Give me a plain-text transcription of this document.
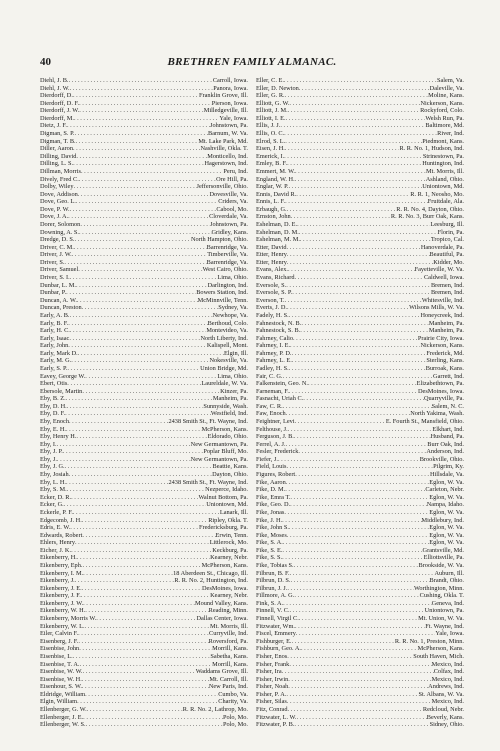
40	BRETHREN FAMILY ALMANAC.
Diehl, J. B. . . .	Carroll, Iowa.
Diehl, J. W. . . .	Panora, Iowa.
Dierdorff, D. . . .	Franklin Grove, Ill.
Dierdorff, D. F. . . .	Pierson, Iowa.
Dierdorff, J. W. . . .	Milledgeville, Ill.
Dierdorff, M. . . .	Yale, Iowa.
Dietz, J. F. . . .	Johnstown, Pa.
Digman, S. P. . . .	Barnum, W. Va.
Digman, T. B. . . .	Mt. Lake Park, Md.
Diller, Aaron . . .	Nashville, Okla. T.
Dilling, David . . .	Monticello, Ind.
Dilling, L. S. . . .	Hagerstown, Ind.
Dillman, Morris . . .	Peru, Ind.
Dively, Fred C. . . .	Ore Hill, Pa.
Dolby, Wiley . . .	Jeffersonville, Ohio.
Dove, Addison . . .	Dovesville, Va.
Dove, Geo. L. . . .	Criders, Va.
Dove, P. W. . . .	Cabool, Mo.
Dove, J. A. . . .	Cloverdale, Va.
Dorer, Solomon . . .	Johnstown, Pa.
Downing, A. S. . . .	Gridley, Kans.
Dredge, D. S. . . .	North Hampton, Ohio.
Driver, C. M. . . .	Barrenridge, Va.
Driver, J. W. . . .	Timberville, Va.
Driver, S. . . .	Barrenridge, Va.
Driver, Samuel . . .	West Cairo, Ohio.
Driver, S. I. . . .	Lima, Ohio.
Dunbar, L. M. . . .	Darlington, Ind.
Dunbar, P. . . .	Bowers Station, Ind.
Duncan, A. W. . . .	McMinnville, Tenn.
Duncan, Preston . . .	Sydney, Va.
Early, A. B. . . .	Newhope, Va.
Early, B. F. . . .	Berthoud, Colo.
Early, H. C. . . .	Montevideo, Va.
Early, Isaac . . .	North Liberty, Ind.
Early, John . . .	Kalispell, Mont.
Early, Mark D. . . .	Elgin, Ill.
Early, M. G. . . .	Nokesville, Va.
Early, S. P. . . .	Union Bridge, Md.
Eavey, George W. . . .	Lima, Ohio.
Ebert, Otis . . .	Laureldale, W. Va.
Ebersole, Martin . . .	Kinzer, Pa.
Eby, B. Z. . . .	Manheim, Pa.
Eby, D. H. . . .	Sunnyside, Wash.
Eby, D. F. . . .	Westfield, Ind.
Eby, Enoch . . .	2438 Smith St., Ft. Wayne, Ind.
Eby, E. H. . . .	McPherson, Kans.
Eby, Henry H. . . .	Eldorado, Ohio.
Eby, I. . . .	New Germantown, Pa.
Eby, J. P. . . .	Poplar Bluff, Mo.
Eby, J. . . .	New Germantown, Pa.
Eby, J. G. . . .	Beattie, Kans.
Eby, Josiah . . .	Dayton, Ohio.
Eby, L. H. . . .	2438 Smith St., Ft. Wayne, Ind.
Eby, S. M. . . .	Nezperce, Idaho.
Ecker, D. R. . . .	Walnut Bottom, Pa.
Ecker, G. . . .	Uniontown, Md.
Eckerle, P. F. . . .	Lanark, Ill.
Edgecomb, J. H. . . .	Ripley, Okla. T.
Edris, E. W. . . .	Fredericksburg, Pa.
Edwards, Robert . . .	Erwin, Tenn.
Ehlers, Henry . . .	Littlerock, Mo.
Eicher, J. K. . . .	Keckburg, Pa.
Eikenberry, H. . . .	Kearney, Nebr.
Eikenberry, Eph. . . .	McPherson, Kans.
Eikenberry, I. M. . . .	18 Aberdeen St., Chicago, Ill.
Eikenberry, J. . . .	R. R. No. 2, Huntington, Ind.
Eikenberry, J. E. . . .	DesMoines, Iowa.
Eikenberry, J. F. . . .	Kearney, Nebr.
Eikenberry, J. W. . . .	Mound Valley, Kans.
Eikenberry, W. H. . . .	Reading, Minn.
Eikenberry, Morris W. . . .	Dallas Center, Iowa.
Eikenberry, W. L. . . .	Mt. Morris, Ill.
Eiler, Calvin F. . . .	Curryville, Ind.
Eisenberg, J. F. . . .	Roversford, Pa.
Eisenbise, John . . .	Morrill, Kans.
Eisenbise, L. . . .	Sabetha, Kans.
Eisenbise, T. A. . . .	Morrill, Kans.
Eisenbise, W. W. . . .	Waddams Grove, Ill.
Eisenbise, W. H. . . .	Mt. Carroll, Ill.
Eisenhour, S. W. . . .	New Paris, Ind.
Eldridge, William . . .	Cumbo, Va.
Elgin, William . . .	Charity, Va.
Ellenberger, G. W. . . .	R. R. No. 2, Lathrop, Mo.
Ellenberger, J. E. . . .	Polo, Mo.
Ellenberger, W. S. . . .	Polo, Mo.
Eller, C. E. . . .	Salem, Va.
Eller, D. Newton . . .	Daleville, Va.
Eller, G. R. . . .	Moline, Kans.
Elliott, G. W. . . .	Nickerson, Kans.
Elliott, J. M. . . .	Rockyford, Colo.
Elliott, I. E. . . .	Welsh Run, Pa.
Ellis, J. J. . . .	Baltimore, Md.
Ellis, O. C. . . .	River, Ind.
Elrod, S. L. . . .	Piedmont, Kans.
Eisen, J. H. . . .	R. R. No. 1, Hudson, Ind.
Emerick, I. . . .	Strinestown, Pa.
Emley, B. F. . . .	Huntington, Ind.
Emmert, M. W. . . .	Mt. Morris, Ill.
England, W. H. . . .	Ashland, Ohio.
Englar, W. P. . . .	Uniontown, Md.
Ennis, David R. . . .	R. R. 1, Neosho, Mo.
Ennis, L. F. . . .	Fruitdale, Ala.
Erbaugh, G. . . .	R. R. No. 4, Dayton, Ohio.
Ernston, John . . .	R. R. No. 3, Burr Oak, Kans.
Eshelman, D. E. . . .	Leesburg, Ill.
Eshelman, D. M. . . .	Florin, Pa.
Eshelman, M. M. . . .	Tropico, Cal.
Etter, David . . .	Hanoverdale, Pa.
Etter, Henry . . .	Beautiful, Pa.
Etter, Henry . . .	Kidder, Mo.
Evans, Alex. . . .	Fayetteville, W. Va.
Evans, Richard . . .	Caldwell, Iowa.
Eversole, S. . . .	Bremen, Ind.
Eversole, S. P. . . .	Bremen, Ind.
Everson, T. . . .	Whitesville, Ind.
Everts, J. D. . . .	Wilsons Mills, W. Va.
Fadely, H. S. . . .	Honeycreek, Ind.
Fahnestock, N. B. . . .	Manheim, Pa.
Fahnestock, S. B. . . .	Manheim, Pa.
Fahrney, Calio . . .	Prairie City, Iowa.
Fahrney, I. E. . . .	Nickerson, Kans.
Fahrney, P. D. . . .	Frederick, Md.
Fahrney, L. E. . . .	Sterling, Kans.
Fadley, H. S. . . .	Burroak, Kans.
Fair, C. G. . . .	Garrett, Ind.
Falkenstein, Geo. N. . . .	Elizabethtown, Pa.
Farneman, F. . . .	DesMoines, Iowa.
Fasnacht, Uriah C. . . .	Quarryville, Pa.
Faw, C. R. . . .	Salem, N. C.
Faw, Enoch . . .	North Yakima, Wash.
Feightner, Levi . . .	E. Fourth St., Mansfield, Ohio.
Felthouse, J. . . .	Elkhart, Ind.
Ferguson, J. B. . . .	Husband, Pa.
Ferrel, A. J. . . .	Burr Oak, Ind.
Fesler, Frederick . . .	Anderson, Ind.
Fiefer, J. . . .	Brookville, Ohio.
Field, Louis . . .	Pilgrim, Ky.
Figures, Robert . . .	Hillsdale, Va.
Fike, Aaron . . .	Eglon, W. Va.
Fike, D. M. . . .	Carleton, Nebr.
Fike, Emra T. . . .	Eglon, W. Va.
Fike, Geo. D. . . .	Nampa, Idaho.
Fike, Jonas . . .	Eglon, W. Va.
Fike, J. H. . . .	Middlebury, Ind.
Fike, John S. . . .	Eglon, W. Va.
Fike, Moses . . .	Eglon, W. Va.
Fike, S. A. . . .	Eglon, W. Va.
Fike, S. E. . . .	Grantsville, Md.
Fike, S. S. . . .	Elliottsville, Pa.
Fike, Tobias S. . . .	Brookside, W. Va.
Filbrun, B. F. . . .	Auburn, Ill.
Filbrun, D. S. . . .	Brandt, Ohio.
Filbrun, J. J. . . .	Worthington, Minn.
Fillmore, A. G. . . .	Cushing, Okla. T.
Fink, S. A. . . .	Geneva, Ind.
Finnell, V. C. . . .	Uniontown, Pa.
Finnell, Virgil C. . . .	Mt. Union, W. Va.
Fitzwater, Wm. . . .	Ft. Wayne, Ind.
Fiscel, Emmery . . .	Yale, Iowa.
Fishburger, E. . . .	R. R. No. 1, Preston, Minn.
Fishburn, Geo. A. . . .	McPherson, Kans.
Fisher, Enos . . .	South Haven, Mich.
Fisher, Frank . . .	Mexico, Ind.
Fisher, Ira . . .	Colfax, Ind.
Fisher, Irwin . . .	Mexico, Ind.
Fisher, Noah . . .	Andrews, Ind.
Fisher, P. A. . . .	St. Albans, W. Va.
Fisher, Silas . . .	Mexico, Ind.
Fitz, Conrad . . .	Redcloud, Nebr.
Fitzwater, L. W. . . .	Beverly, Kans.
Fitzwater, P. B. . . .	Sidney, Ohio.
